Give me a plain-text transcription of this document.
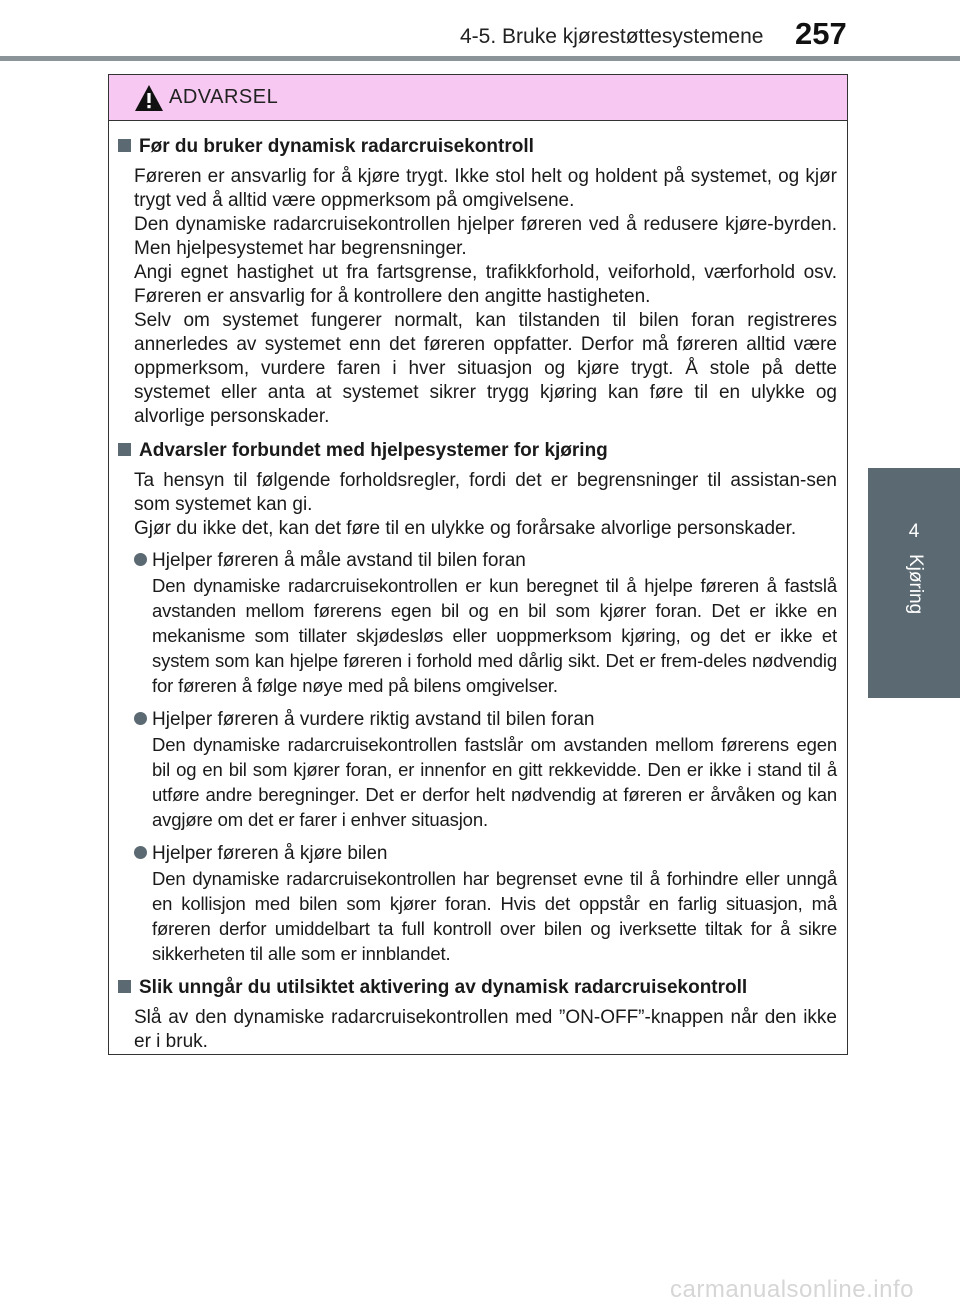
4-5. Bruke kjørestøttesystemene	257
4
Kjøring
ADVARSEL
Før du bruker dynamisk radarcruisekontroll

Føreren er ansvarlig for å kjøre trygt. Ikke stol helt og holdent på systemet, og kjør trygt ved å alltid være oppmerksom på omgivelsene.

Den dynamiske radarcruisekontrollen hjelper føreren ved å redusere kjøre-byrden. Men hjelpesystemet har begrensninger.

Angi egnet hastighet ut fra fartsgrense, trafikkforhold, veiforhold, værforhold osv. Føreren er ansvarlig for å kontrollere den angitte hastigheten.

Selv om systemet fungerer normalt, kan tilstanden til bilen foran registreres annerledes av systemet enn det føreren oppfatter. Derfor må føreren alltid være oppmerksom, vurdere faren i hver situasjon og kjøre trygt. Å stole på dette systemet eller anta at systemet sikrer trygg kjøring kan føre til en ulykke og alvorlige personskader.

Advarsler forbundet med hjelpesystemer for kjøring

Ta hensyn til følgende forholdsregler, fordi det er begrensninger til assistan-sen som systemet kan gi.

Gjør du ikke det, kan det føre til en ulykke og forårsake alvorlige personskader.

Hjelper føreren å måle avstand til bilen foran

Den dynamiske radarcruisekontrollen er kun beregnet til å hjelpe føreren å fastslå avstanden mellom førerens egen bil og en bil som kjører foran. Det er ikke en mekanisme som tillater skjødesløs eller uoppmerksom kjøring, og det er ikke et system som kan hjelpe føreren i forhold med dårlig sikt. Det er frem-deles nødvendig for føreren å følge nøye med på bilens omgivelser.

Hjelper føreren å vurdere riktig avstand til bilen foran

Den dynamiske radarcruisekontrollen fastslår om avstanden mellom førerens egen bil og en bil som kjører foran, er innenfor en gitt rekkevidde. Den er ikke i stand til å utføre andre beregninger. Det er derfor helt nødvendig at føreren er årvåken og kan avgjøre om det er farer i enhver situasjon.

Hjelper føreren å kjøre bilen

Den dynamiske radarcruisekontrollen har begrenset evne til å forhindre eller unngå en kollisjon med bilen som kjører foran. Hvis det oppstår en farlig situasjon, må føreren derfor umiddelbart ta full kontroll over bilen og iverksette tiltak for å sikre sikkerheten til alle som er innblandet.

Slik unngår du utilsiktet aktivering av dynamisk radarcruisekontroll

Slå av den dynamiske radarcruisekontrollen med ”ON-OFF”-knappen når den ikke er i bruk.

carmanualsonline.info
